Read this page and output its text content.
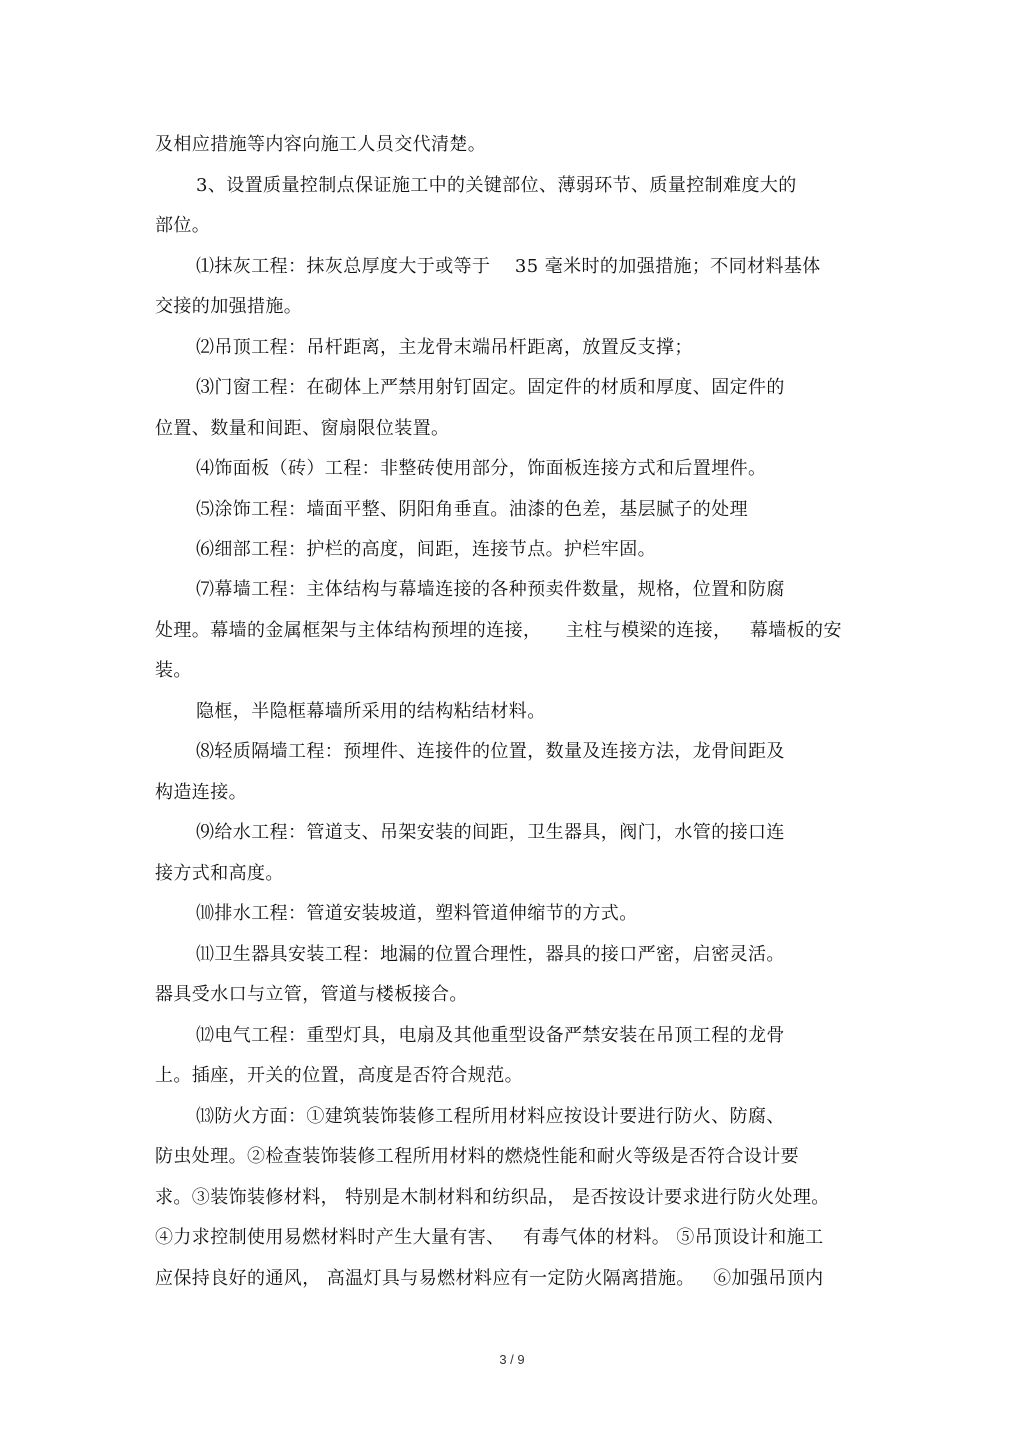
及相应措施等内容向施工人员交代清楚。
3、设置质量控制点保证施工中的关键部位、薄弱环节、质量控制难度大的
部位。
⑴抹灰工程：抹灰总厚度大于或等于    35 毫米时的加强措施；不同材料基体
交接的加强措施。
⑵吊顶工程：吊杆距离，主龙骨末端吊杆距离，放置反支撑；
⑶门窗工程：在砌体上严禁用射钉固定。固定件的材质和厚度、固定件的
位置、数量和间距、窗扇限位装置。
⑷饰面板（砖）工程：非整砖使用部分，饰面板连接方式和后置埋件。
⑸涂饰工程：墙面平整、阴阳角垂直。油漆的色差，基层腻子的处理
⑹细部工程：护栏的高度，间距，连接节点。护栏牢固。
⑺幕墙工程：主体结构与幕墙连接的各种预卖件数量，规格，位置和防腐
处理。幕墙的金属框架与主体结构预埋的连接，    主柱与模梁的连接，   幕墙板的安
装。
隐框，半隐框幕墙所采用的结构粘结材料。
⑻轻质隔墙工程：预埋件、连接件的位置，数量及连接方法，龙骨间距及
构造连接。
⑼给水工程：管道支、吊架安装的间距，卫生器具，阀门，水管的接口连
接方式和高度。
⑽排水工程：管道安装坡道，塑料管道伸缩节的方式。
⑾卫生器具安装工程：地漏的位置合理性，器具的接口严密，启密灵活。
器具受水口与立管，管道与楼板接合。
⑿电气工程：重型灯具，电扇及其他重型设备严禁安装在吊顶工程的龙骨
上。插座，开关的位置，高度是否符合规范。
⒀防火方面：①建筑装饰装修工程所用材料应按设计要进行防火、防腐、
防虫处理。②检查装饰装修工程所用材料的燃烧性能和耐火等级是否符合设计要
求。③装饰装修材料， 特别是木制材料和纺织品， 是否按设计要求进行防火处理。
④力求控制使用易燃材料时产生大量有害、   有毒气体的材料。 ⑤吊顶设计和施工
应保持良好的通风， 高温灯具与易燃材料应有一定防火隔离措施。   ⑥加强吊顶内
3 / 9
